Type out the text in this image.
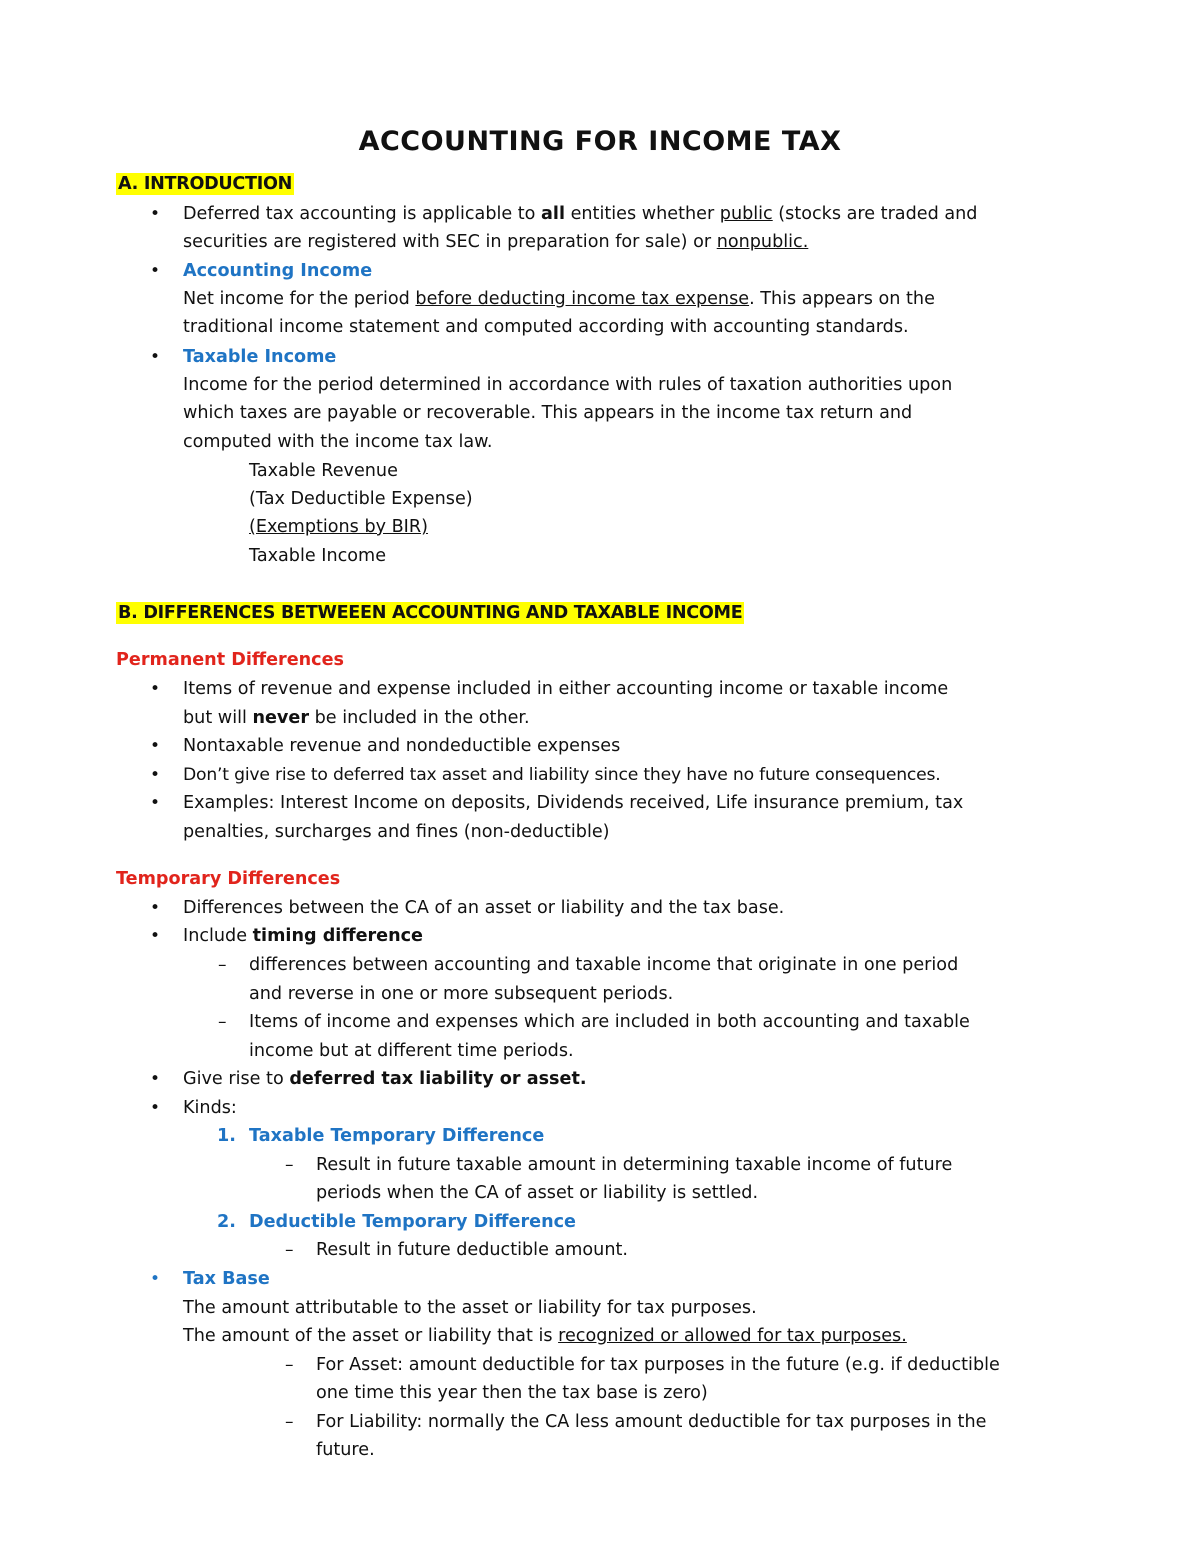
ACCOUNTING FOR INCOME TAX
A. INTRODUCTION
• Deferred tax accounting is applicable to all entities whether public (stocks are traded and
securities are registered with SEC in preparation for sale) or nonpublic.
• Accounting Income
Net income for the period before deducting income tax expense. This appears on the
traditional income statement and computed according with accounting standards.
• Taxable Income
Income for the period determined in accordance with rules of taxation authorities upon
which taxes are payable or recoverable. This appears in the income tax return and
computed with the income tax law.
Taxable Revenue
(Tax Deductible Expense)
(Exemptions by BIR)
Taxable Income
B. DIFFERENCES BETWEEEN ACCOUNTING AND TAXABLE INCOME
Permanent Differences
• Items of revenue and expense included in either accounting income or taxable income
but will never be included in the other.
• Nontaxable revenue and nondeductible expenses
• Don’t give rise to deferred tax asset and liability since they have no future consequences.
• Examples: Interest Income on deposits, Dividends received, Life insurance premium, tax
penalties, surcharges and fines (non-deductible)
Temporary Differences
• Differences between the CA of an asset or liability and the tax base.
• Include timing difference
– differences between accounting and taxable income that originate in one period
and reverse in one or more subsequent periods.
– Items of income and expenses which are included in both accounting and taxable
income but at different time periods.
• Give rise to deferred tax liability or asset.
• Kinds:
1. Taxable Temporary Difference
– Result in future taxable amount in determining taxable income of future
periods when the CA of asset or liability is settled.
2. Deductible Temporary Difference
– Result in future deductible amount.
• Tax Base
The amount attributable to the asset or liability for tax purposes.
The amount of the asset or liability that is recognized or allowed for tax purposes.
– For Asset: amount deductible for tax purposes in the future (e.g. if deductible
one time this year then the tax base is zero)
– For Liability: normally the CA less amount deductible for tax purposes in the
future.
